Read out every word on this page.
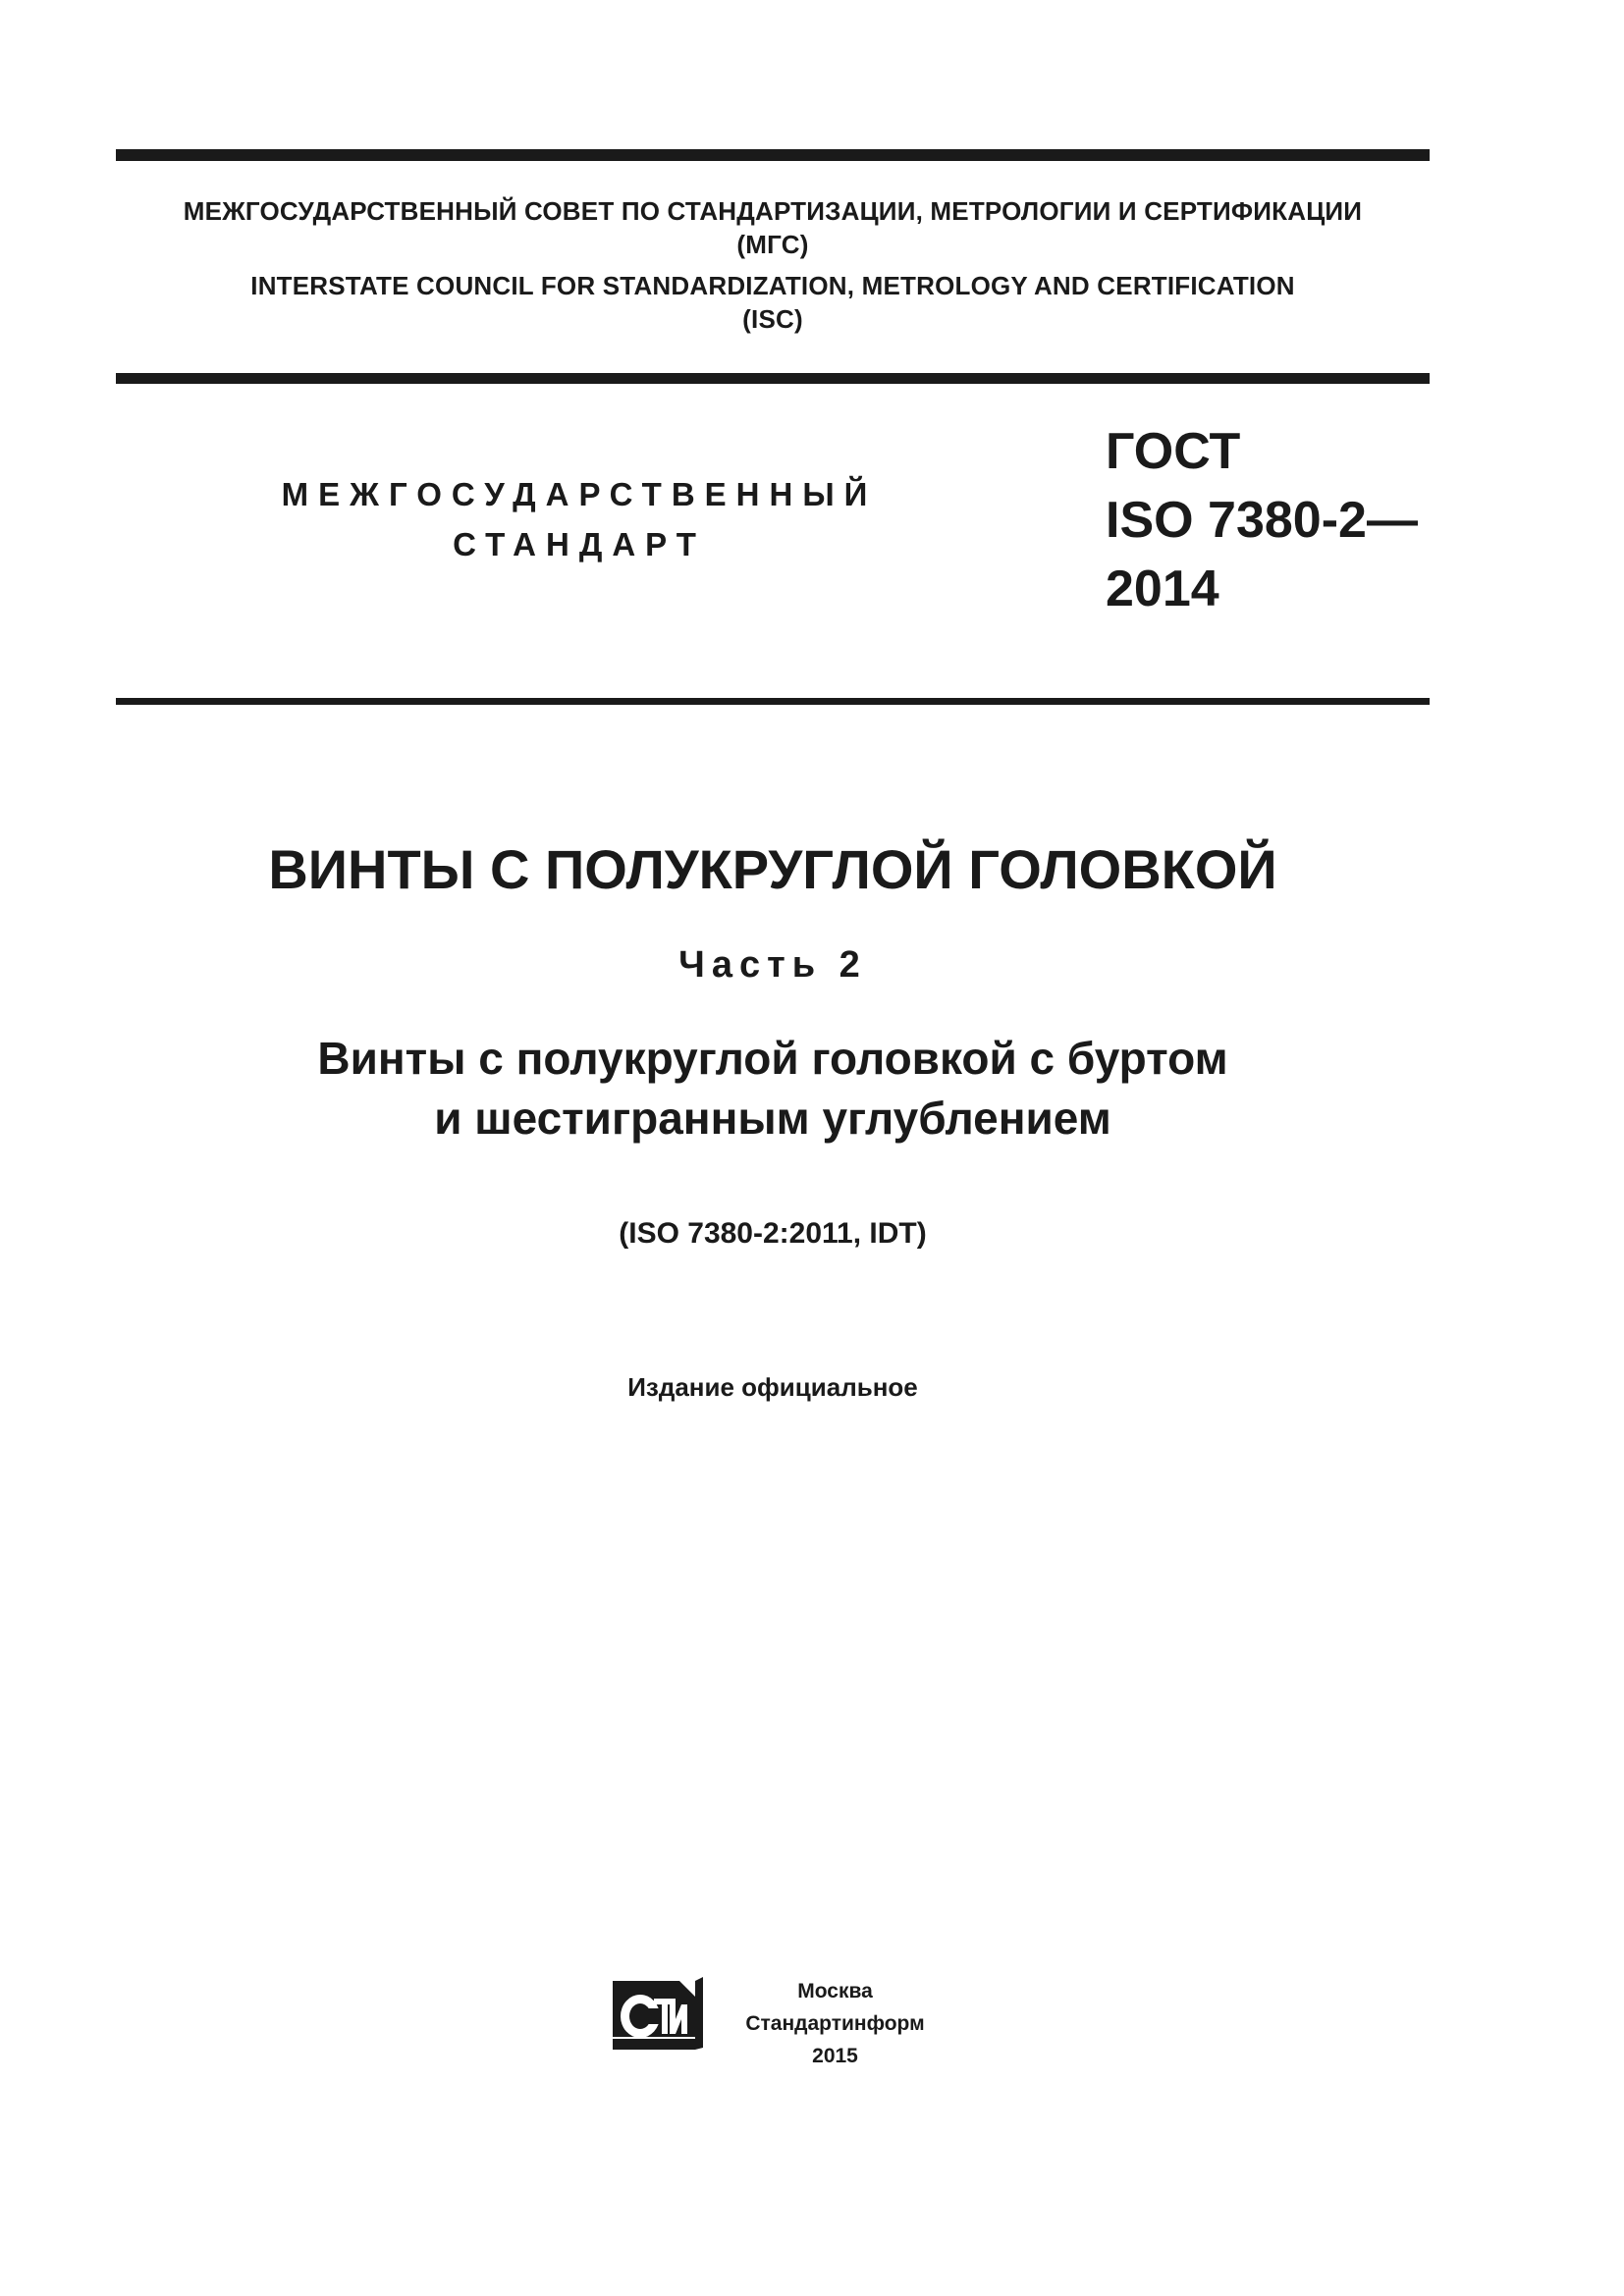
МЕЖГОСУДАРСТВЕННЫЙ СОВЕТ ПО СТАНДАРТИЗАЦИИ, МЕТРОЛОГИИ И СЕРТИФИКАЦИИ
(МГС)
INTERSTATE COUNCIL FOR STANDARDIZATION, METROLOGY AND CERTIFICATION
(ISC)
МЕЖГОСУДАРСТВЕННЫЙ
СТАНДАРТ
ГОСТ
ISO 7380-2—
2014
ВИНТЫ С ПОЛУКРУГЛОЙ ГОЛОВКОЙ
Часть 2
Винты с полукруглой головкой с буртом
и шестигранным углублением
(ISO 7380-2:2011, IDT)
Издание официальное
Москва
Стандартинформ
2015
